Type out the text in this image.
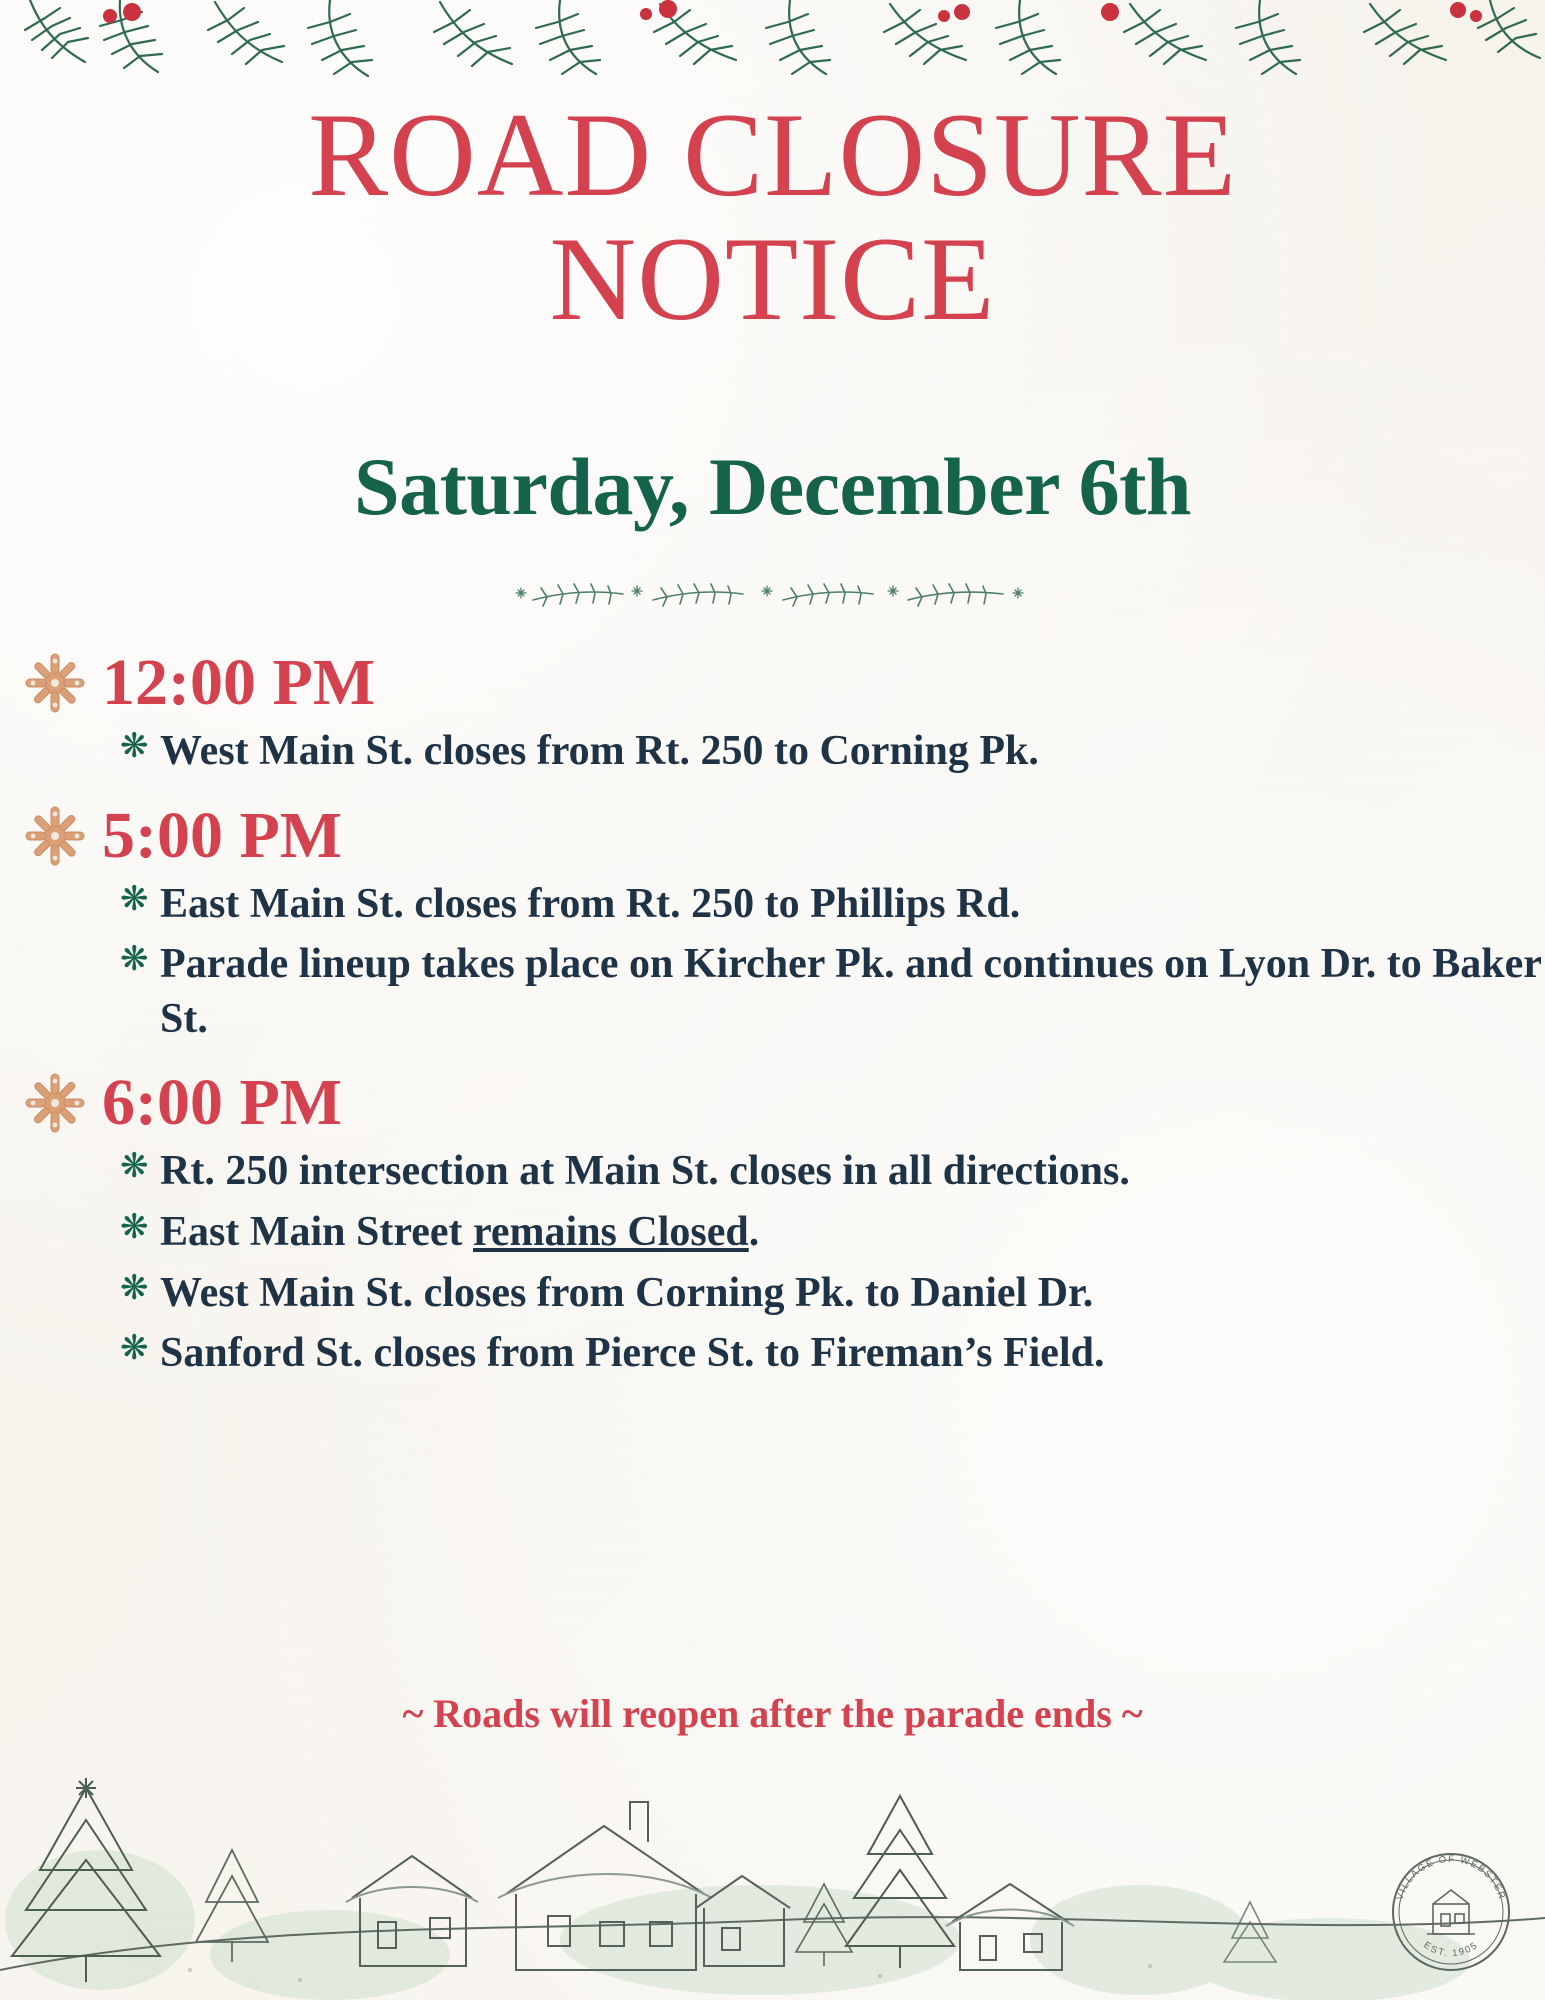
ROAD CLOSURE
NOTICE
Saturday, December 6th
12:00 PM
❋ West Main St. closes from Rt. 250 to Corning Pk.
5:00 PM
❋ East Main St. closes from Rt. 250 to Phillips Rd.
❋ Parade lineup takes place on Kircher Pk. and continues on Lyon Dr. to Baker St.
6:00 PM
❋ Rt. 250 intersection at Main St. closes in all directions.
❋ East Main Street remains Closed.
❋ West Main St. closes from Corning Pk. to Daniel Dr.
❋ Sanford St. closes from Pierce St. to Fireman’s Field.
~ Roads will reopen after the parade ends ~
VILLAGE OF WEBSTER
EST. 1905
